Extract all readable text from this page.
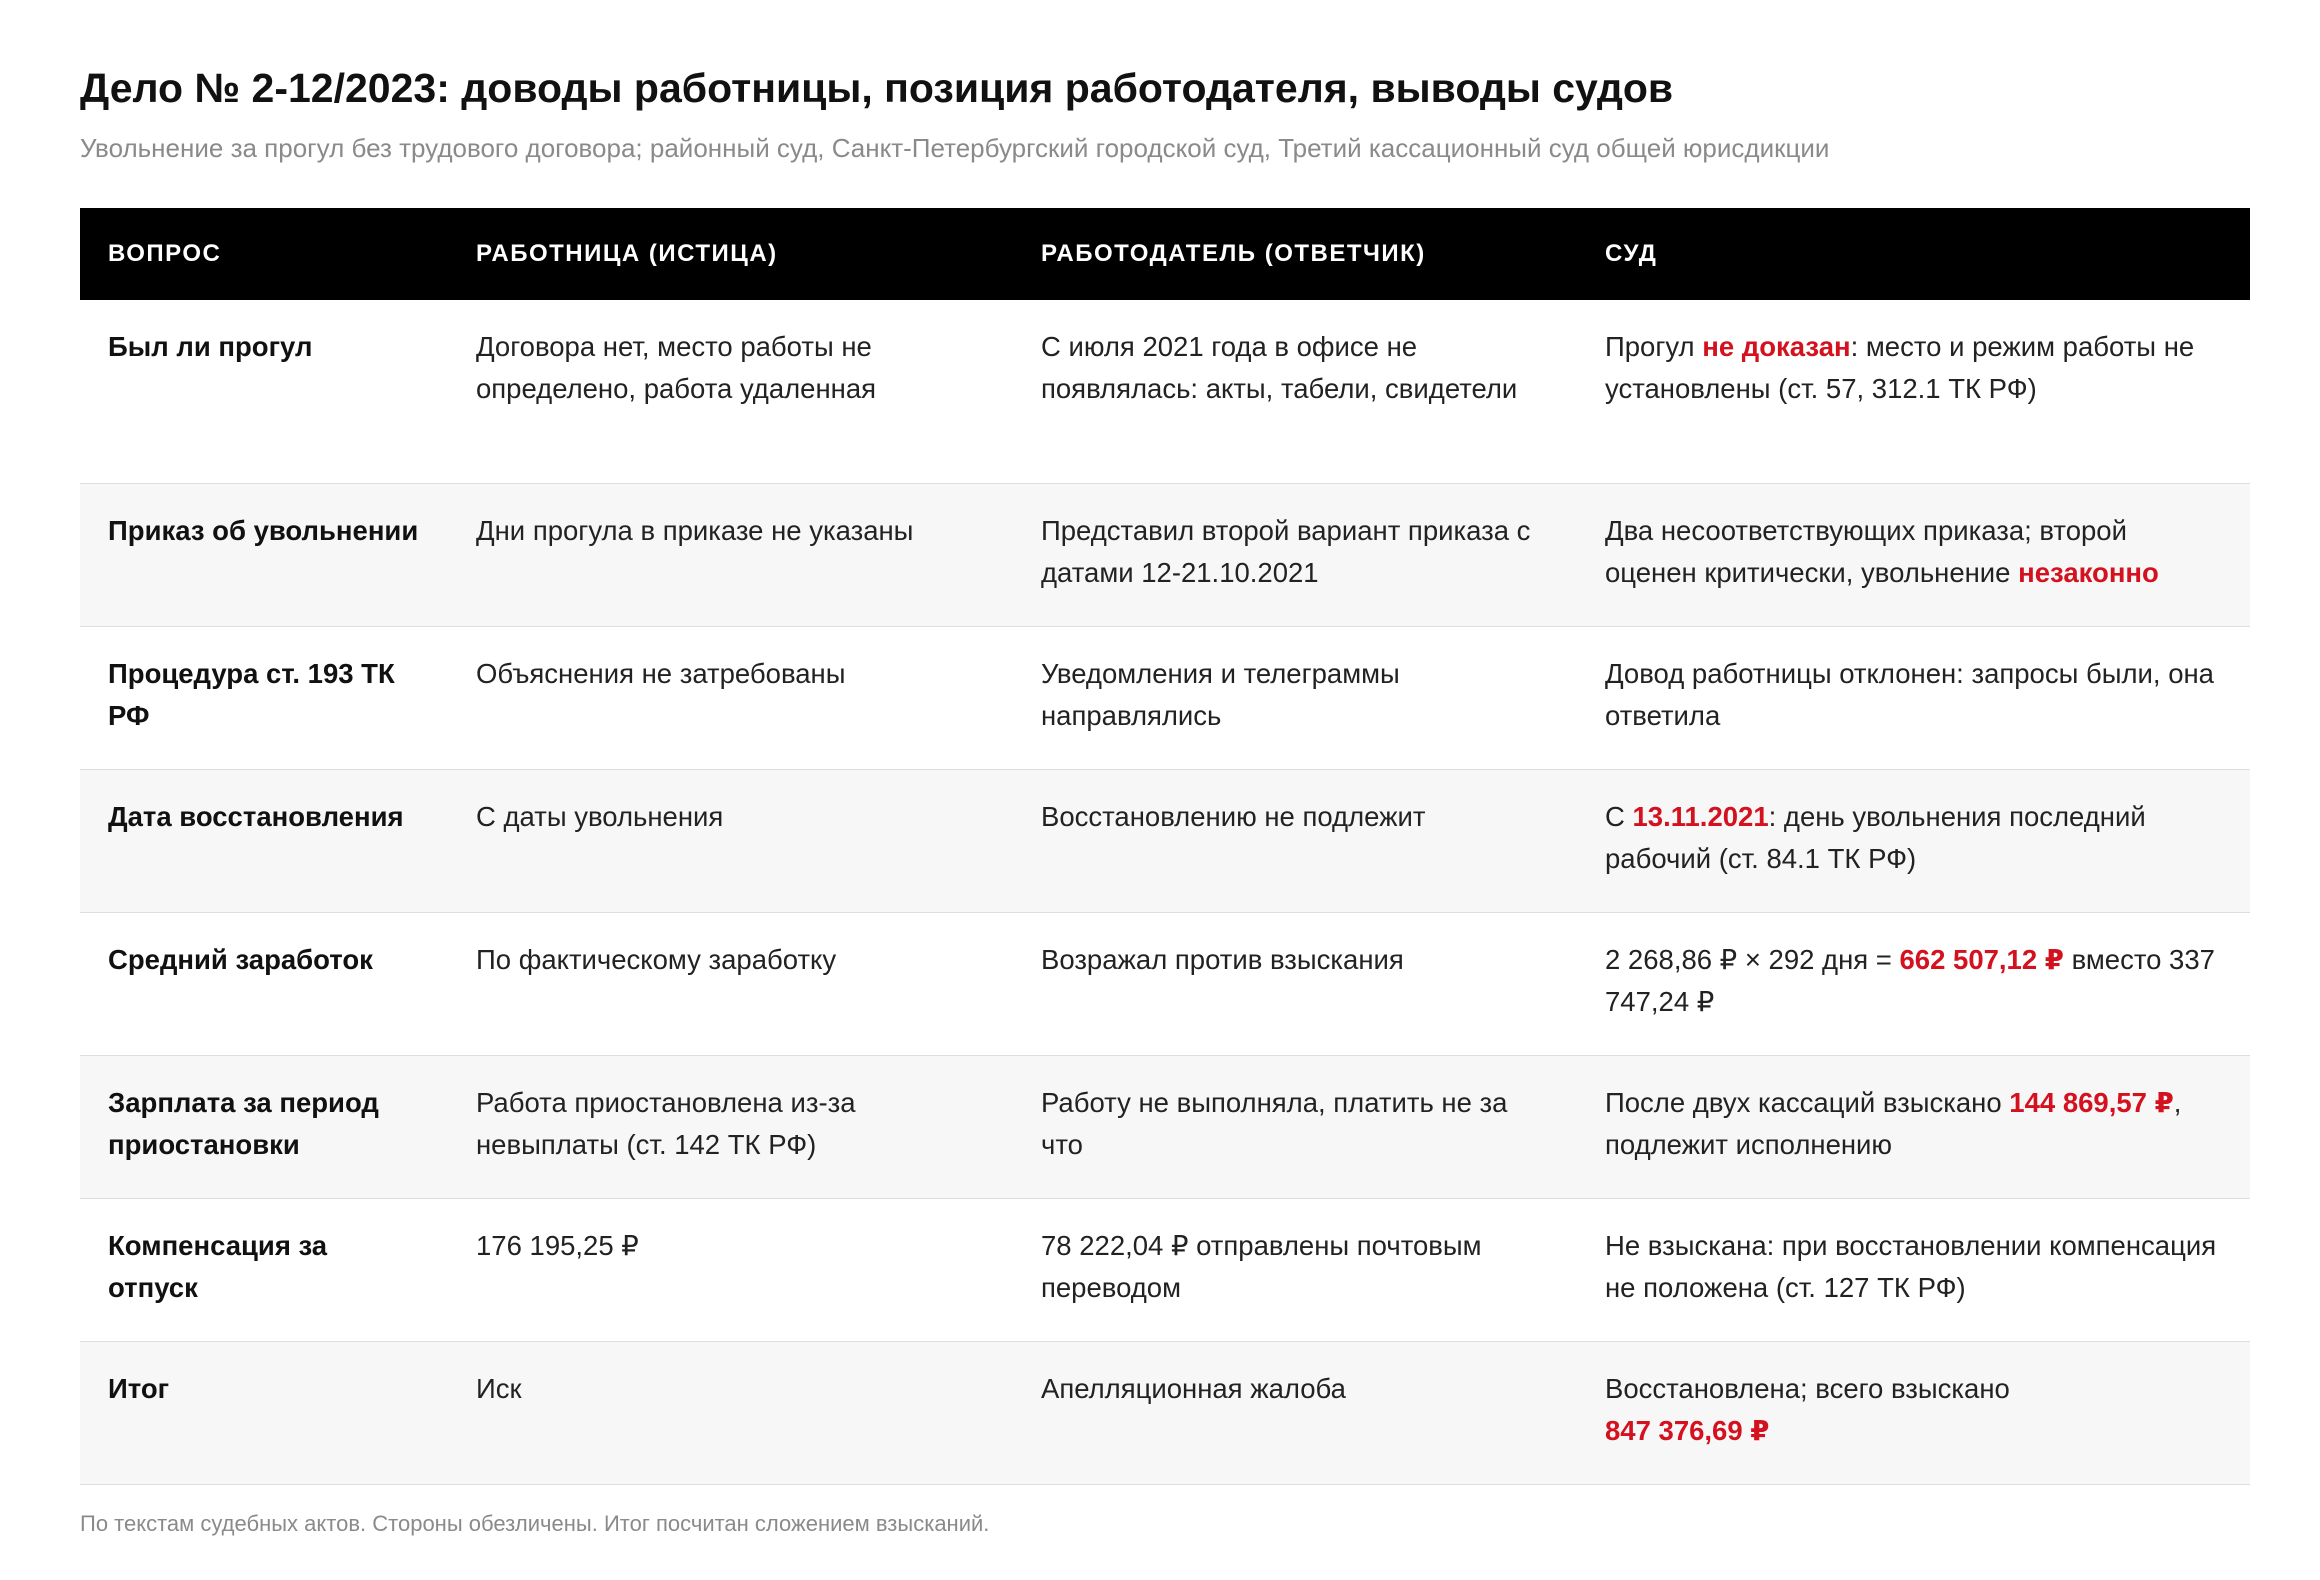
Дело № 2-12/2023: доводы работницы, позиция работодателя, выводы судов

Увольнение за прогул без трудового договора; районный суд, Санкт-Петербургский городской суд, Третий кассационный суд общей юрисдикции

ВОПРОС	РАБОТНИЦА (ИСТИЦА)	РАБОТОДАТЕЛЬ (ОТВЕТЧИК)	СУД
Был ли прогул	Договора нет, место работы не определено, работа удаленная	С июля 2021 года в офисе не появлялась: акты, табели, свидетели	Прогул не доказан: место и режим работы не установлены (ст. 57, 312.1 ТК РФ)
Приказ об увольнении	Дни прогула в приказе не указаны	Представил второй вариант приказа с датами 12-21.10.2021	Два несоответствующих приказа; второй оценен критически, увольнение незаконно
Процедура ст. 193 ТК РФ	Объяснения не затребованы	Уведомления и телеграммы направлялись	Довод работницы отклонен: запросы были, она ответила
Дата восстановления	С даты увольнения	Восстановлению не подлежит	С 13.11.2021: день увольнения последний рабочий (ст. 84.1 ТК РФ)
Средний заработок	По фактическому заработку	Возражал против взыскания	2 268,86 ₽ × 292 дня = 662 507,12 ₽ вместо 337 747,24 ₽
Зарплата за период приостановки	Работа приостановлена из-за невыплаты (ст. 142 ТК РФ)	Работу не выполняла, платить не за что	После двух кассаций взыскано 144 869,57 ₽, подлежит исполнению
Компенсация за отпуск	176 195,25 ₽	78 222,04 ₽ отправлены почтовым переводом	Не взыскана: при восстановлении компенсация не положена (ст. 127 ТК РФ)
Итог	Иск	Апелляционная жалоба	Восстановлена; всего взыскано
847 376,69 ₽

По текстам судебных актов. Стороны обезличены. Итог посчитан сложением взысканий.
